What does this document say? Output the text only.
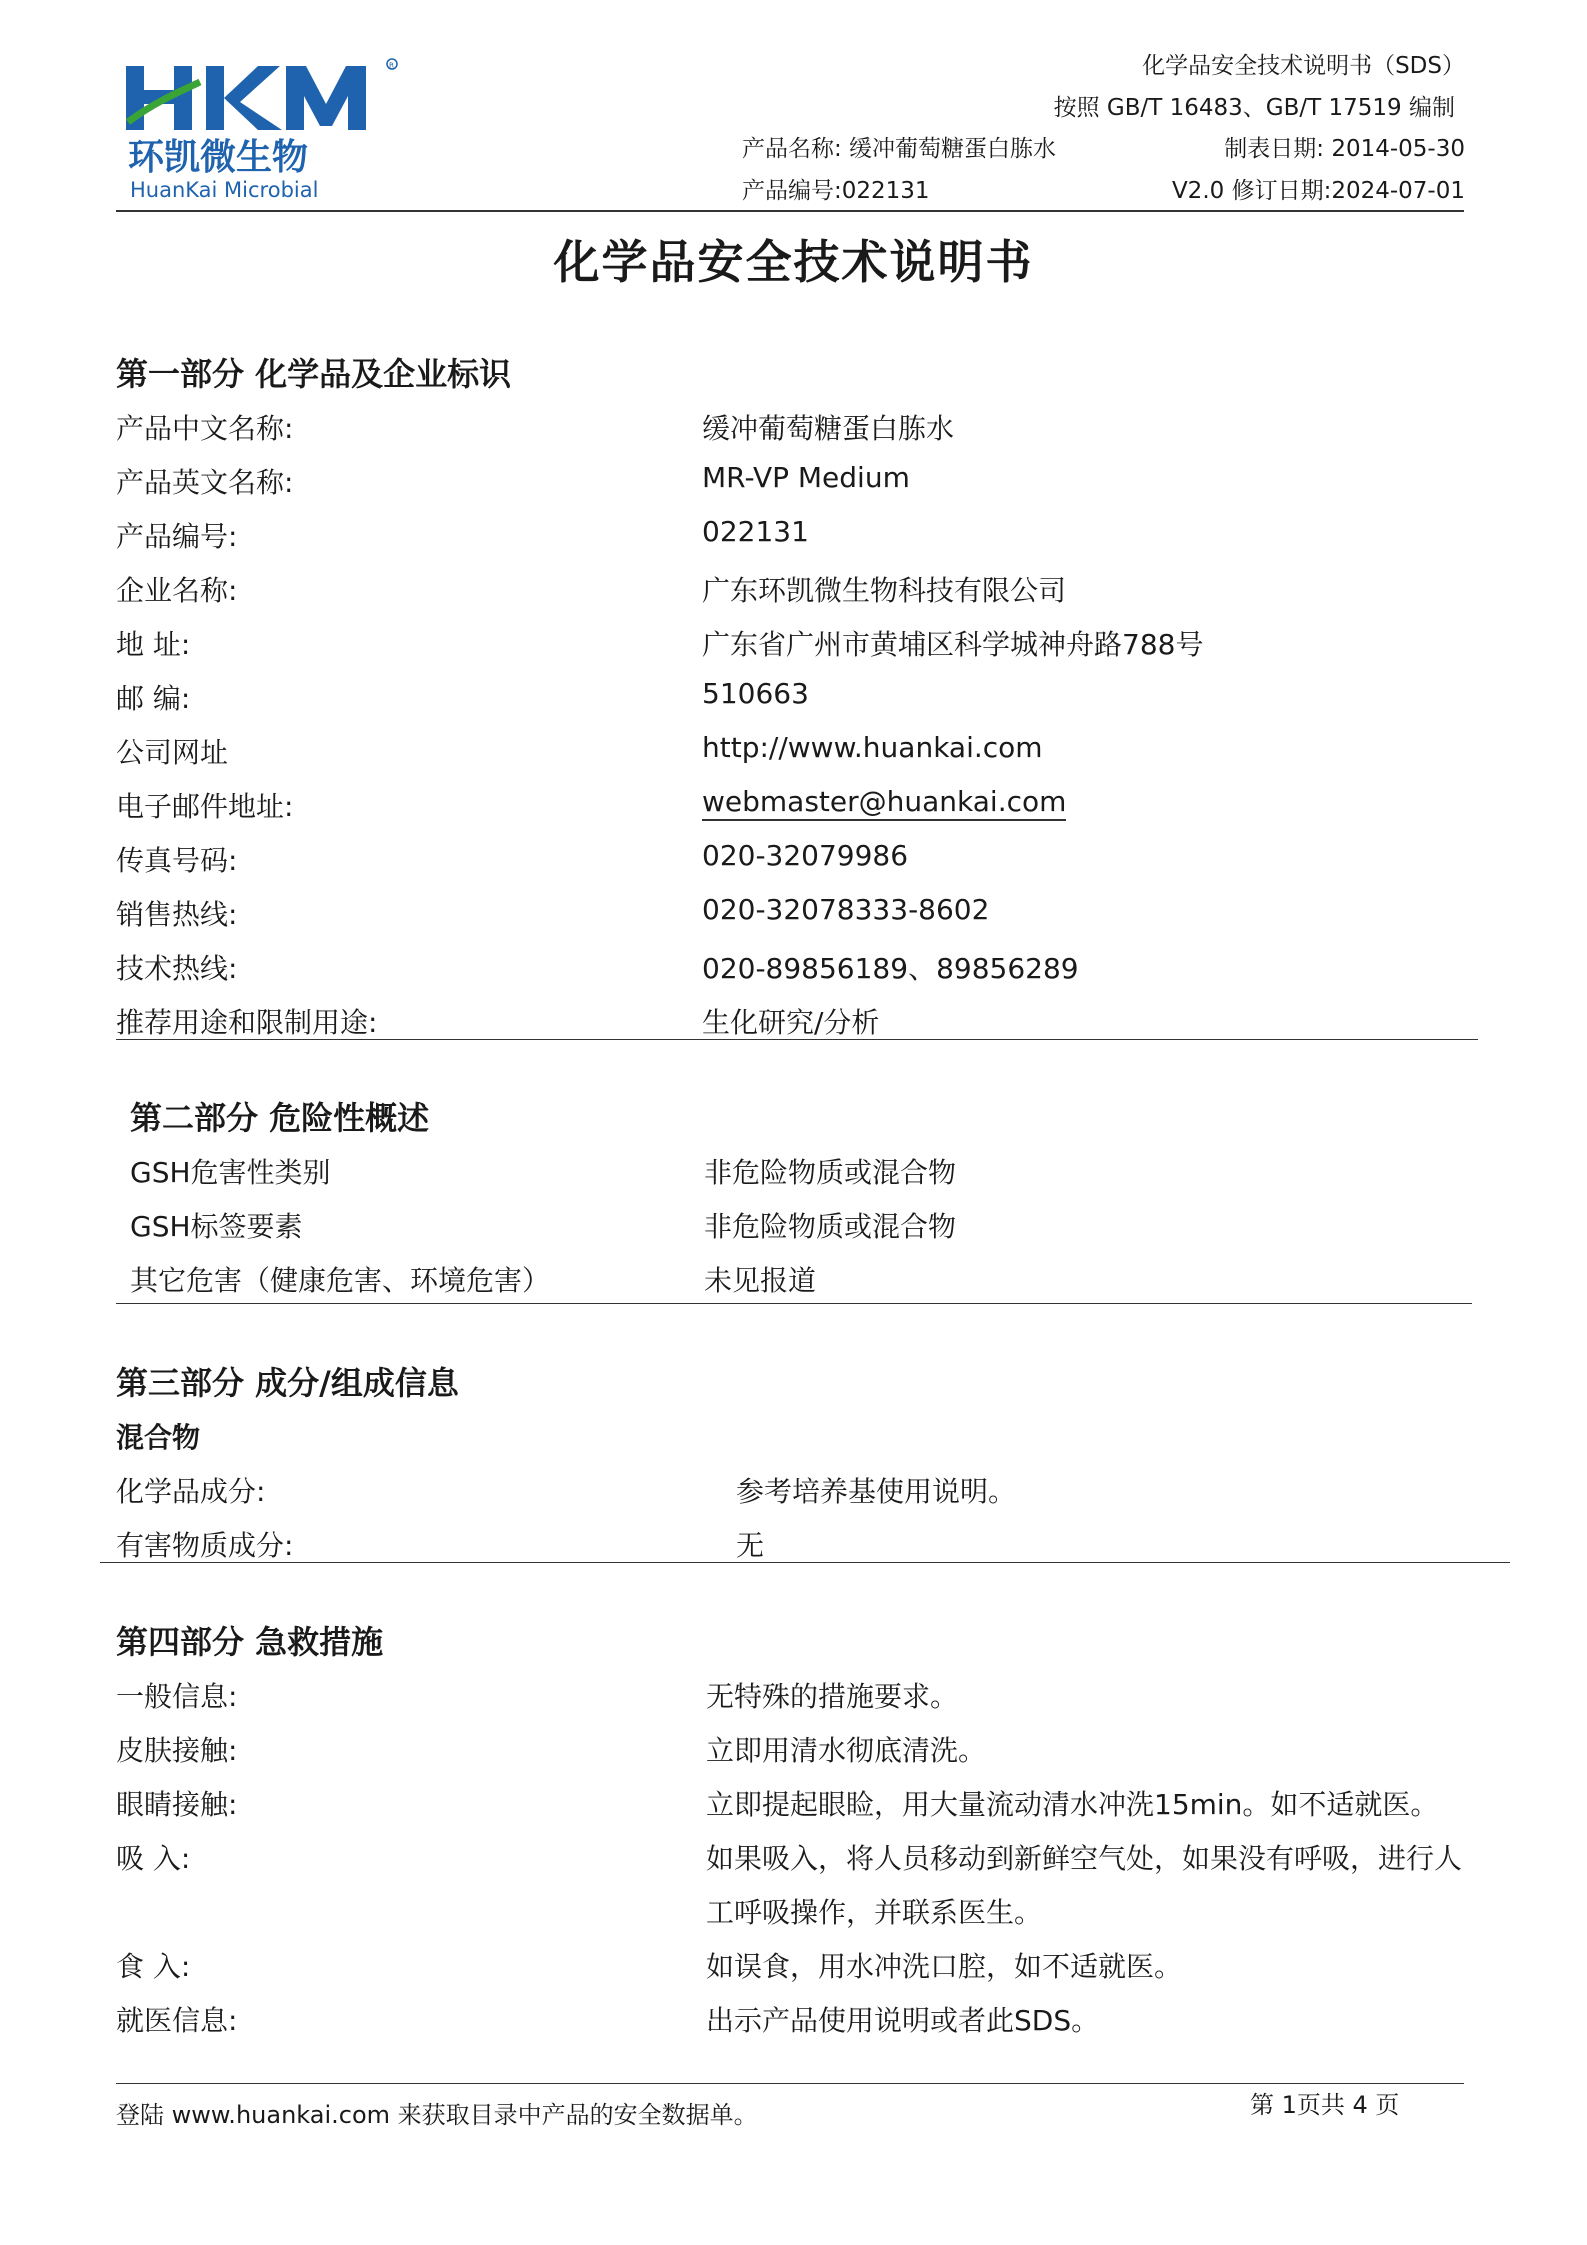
R
环凯微生物
HuanKai Microbial
化学品安全技术说明书（SDS）
按照 GB/T 16483、GB/T 17519 编制
产品名称: 缓冲葡萄糖蛋白胨水	制表日期: 2014-05-30
产品编号:022131	V2.0 修订日期:2024-07-01
化学品安全技术说明书
第一部分 化学品及企业标识
产品中文名称:	缓冲葡萄糖蛋白胨水
产品英文名称:	MR-VP Medium
产品编号:	022131
企业名称:	广东环凯微生物科技有限公司
地 址:	广东省广州市黄埔区科学城神舟路788号
邮 编:	510663
公司网址	http://www.huankai.com
电子邮件地址:	webmaster@huankai.com
传真号码:	020-32079986
销售热线:	020-32078333-8602
技术热线:	020-89856189、89856289
推荐用途和限制用途:	生化研究/分析
第二部分 危险性概述
GSH危害性类别	非危险物质或混合物
GSH标签要素	非危险物质或混合物
其它危害（健康危害、环境危害）	未见报道
第三部分 成分/组成信息
混合物
化学品成分:	参考培养基使用说明。
有害物质成分:	无
第四部分 急救措施
一般信息:	无特殊的措施要求。
皮肤接触:	立即用清水彻底清洗。
眼睛接触:	立即提起眼睑，用大量流动清水冲洗15min。如不适就医。
吸 入:	如果吸入，将人员移动到新鲜空气处，如果没有呼吸，进行人
工呼吸操作，并联系医生。
食 入:	如误食，用水冲洗口腔，如不适就医。
就医信息:	出示产品使用说明或者此SDS。
登陆 www.huankai.com 来获取目录中产品的安全数据单。	第 1页共 4 页
